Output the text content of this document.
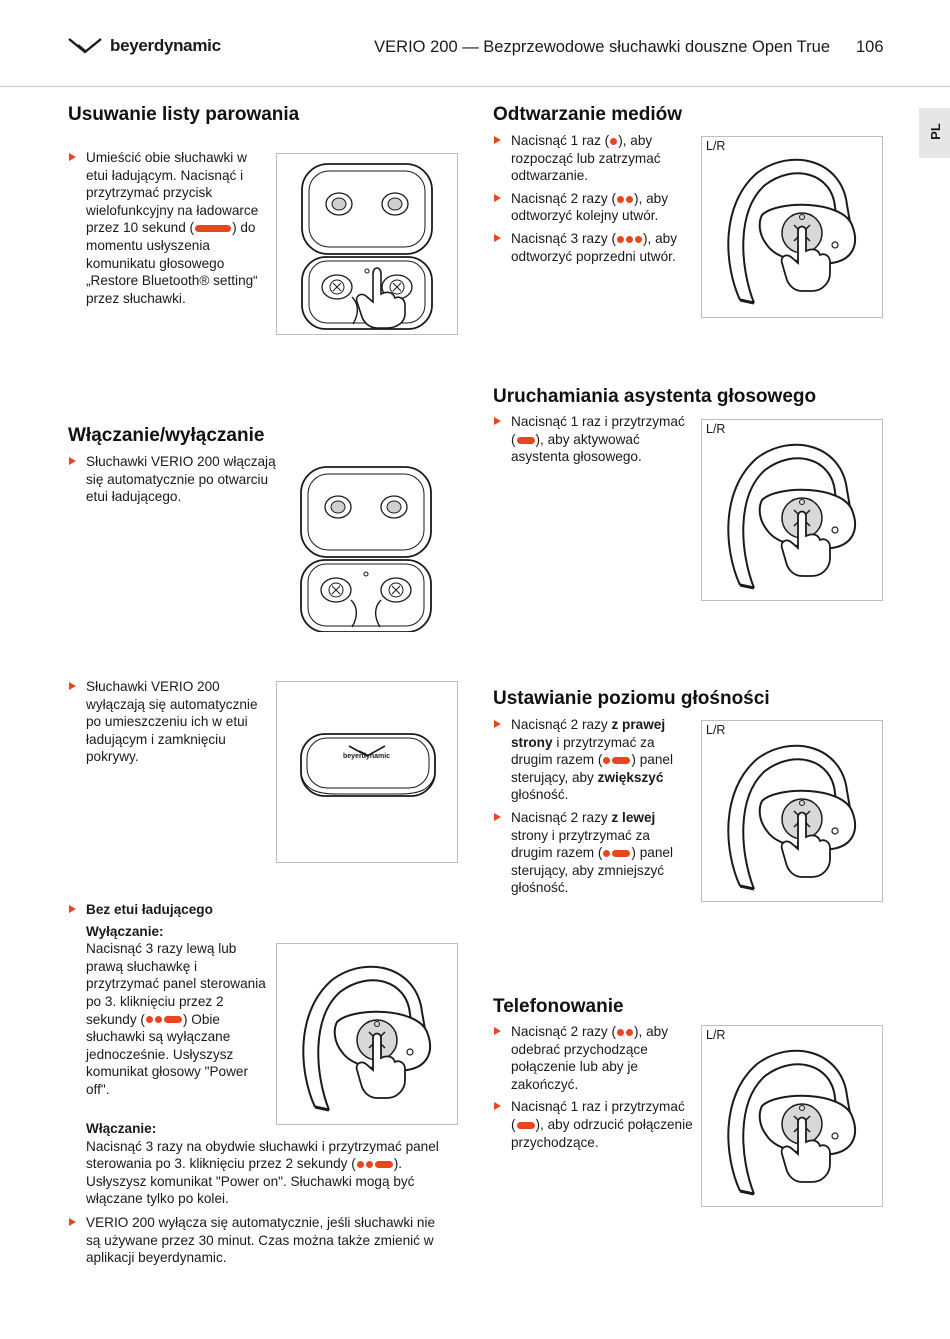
beyerdynamic	VERIO 200 — Bezprzewodowe słuchawki douszne Open True 106
PL
Usuwanie listy parowania
Umieścić obie słuchawki w etui ładującym. Nacisnąć i przytrzymać przycisk wielofunkcyjny na ładowarce przez 10 sekund (	) do momentu usłyszenia komunikatu głosowego „Restore Bluetooth® setting“ przez słuchawki.
Włączanie/wyłączanie
Słuchawki VERIO 200 włączają się automatycznie po otwarciu etui ładującego.
Słuchawki VERIO 200 wyłączają się automatycznie po umieszczeniu ich w etui ładującym i zamknięciu pokrywy.	beyerdynamic
Bez etui ładującego
Wyłączanie:
Nacisnąć 3 razy lewą lub prawą słuchawkę i przytrzymać panel sterowania po 3. kliknięciu przez 2 sekundy (	) Obie słuchawki są wyłączane jednocześnie. Usłyszysz komunikat głosowy "Power off".
Włączanie:
Nacisnąć 3 razy na obydwie słuchawki i przytrzymać panel sterowania po 3. kliknięciu przez 2 sekundy (	). Usłyszysz komunikat "Power on". Słuchawki mogą być włączane tylko po kolei.
VERIO 200 wyłącza się automatycznie, jeśli słuchawki nie są używane przez 30 minut. Czas można także zmienić w aplikacji beyerdynamic.
Odtwarzanie mediów
Nacisnąć 1 raz ( ), aby rozpocząć lub zatrzymać odtwarzanie.
Nacisnąć 2 razy ( ), aby odtworzyć kolejny utwór.
Nacisnąć 3 razy ( ), aby odtworzyć poprzedni utwór.
L/R
Uruchamiania asystenta głosowego
Nacisnąć 1 raz i przytrzymać ( ), aby aktywować asystenta głosowego.
L/R
Ustawianie poziomu głośności
Nacisnąć 2 razy z prawej strony i przytrzymać za drugim razem ( ) panel sterujący, aby zwiększyć głośność.
Nacisnąć 2 razy z lewej strony i przytrzymać za drugim razem ( ) panel sterujący, aby zmniejszyć głośność.
L/R
Telefonowanie
Nacisnąć 2 razy ( ), aby odebrać przychodzące połączenie lub aby je zakończyć.
Nacisnąć 1 raz i przytrzymać ( ), aby odrzucić połączenie przychodzące.
L/R
